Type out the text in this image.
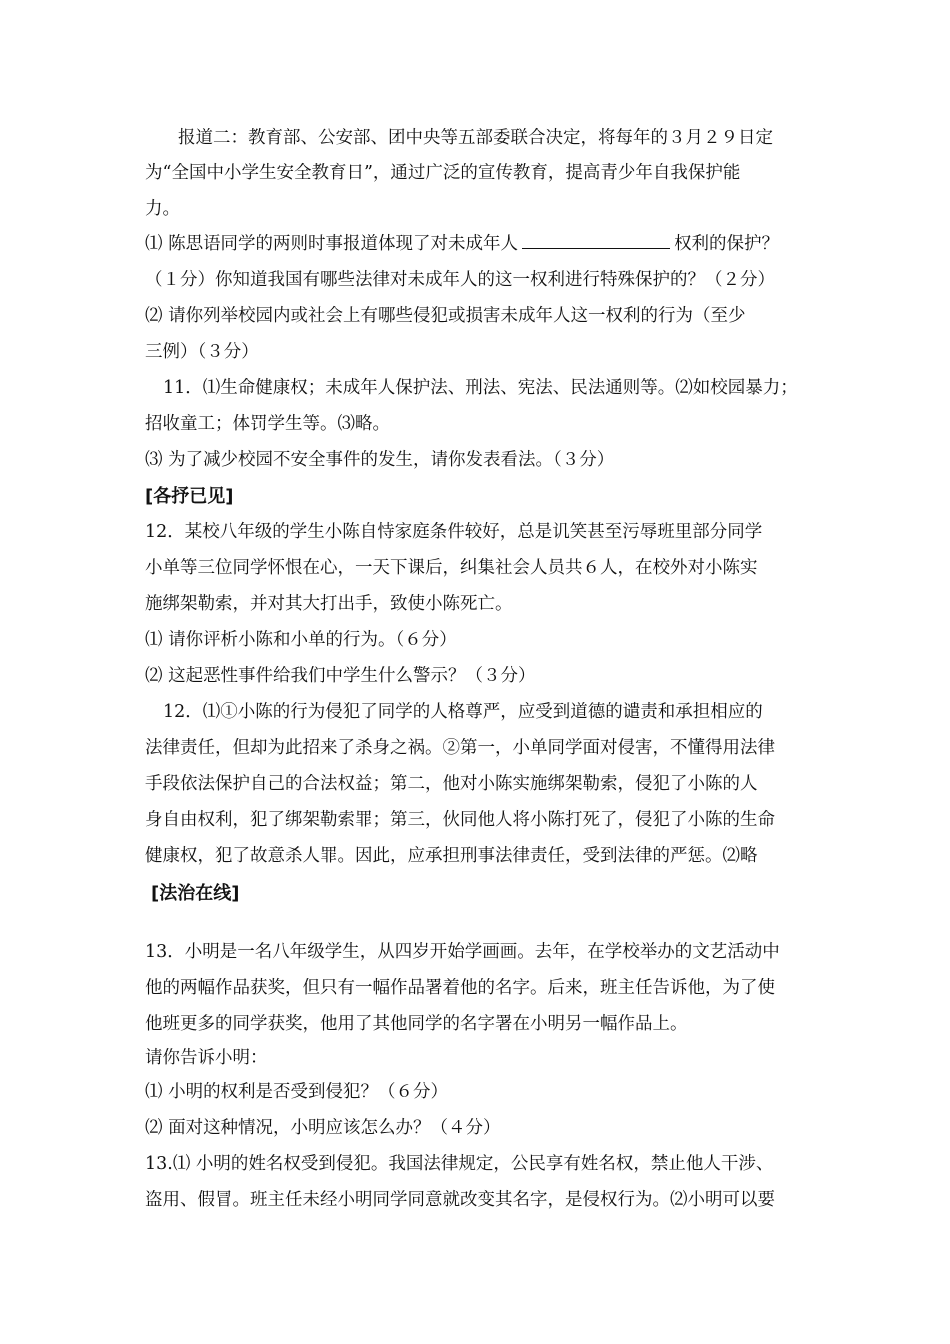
报道二：教育部、公安部、团中央等五部委联合决定，将每年的３月２９日定
为“全国中小学生安全教育日”，通过广泛的宣传教育，提高青少年自我保护能
力。
⑴ 陈思语同学的两则时事报道体现了对未成年人	权利的保护？
（１分）你知道我国有哪些法律对未成年人的这一权利进行特殊保护的？（２分）
⑵ 请你列举校园内或社会上有哪些侵犯或损害未成年人这一权利的行为（至少
三例）（３分）
11．⑴生命健康权；未成年人保护法、刑法、宪法、民法通则等。⑵如校园暴力；
招收童工；体罚学生等。⑶略。
⑶ 为了减少校园不安全事件的发生，请你发表看法。（３分）
[各抒已见]
12．某校八年级的学生小陈自恃家庭条件较好，总是讥笑甚至污辱班里部分同学
小单等三位同学怀恨在心，一天下课后，纠集社会人员共６人，在校外对小陈实
施绑架勒索，并对其大打出手，致使小陈死亡。
⑴ 请你评析小陈和小单的行为。（６分）
⑵ 这起恶性事件给我们中学生什么警示？（３分）
12．⑴①小陈的行为侵犯了同学的人格尊严，应受到道德的谴责和承担相应的
法律责任，但却为此招来了杀身之祸。②第一，小单同学面对侵害，不懂得用法律
手段依法保护自己的合法权益；第二，他对小陈实施绑架勒索，侵犯了小陈的人
身自由权利，犯了绑架勒索罪；第三，伙同他人将小陈打死了，侵犯了小陈的生命
健康权，犯了故意杀人罪。因此，应承担刑事法律责任，受到法律的严惩。⑵略
[法治在线]
13．小明是一名八年级学生，从四岁开始学画画。去年，在学校举办的文艺活动中
他的两幅作品获奖，但只有一幅作品署着他的名字。后来，班主任告诉他，为了使
他班更多的同学获奖，他用了其他同学的名字署在小明另一幅作品上。
请你告诉小明：
⑴ 小明的权利是否受到侵犯？（６分）
⑵ 面对这种情况，小明应该怎么办？（４分）
13.⑴ 小明的姓名权受到侵犯。我国法律规定，公民享有姓名权，禁止他人干涉、
盗用、假冒。班主任未经小明同学同意就改变其名字，是侵权行为。⑵小明可以要
